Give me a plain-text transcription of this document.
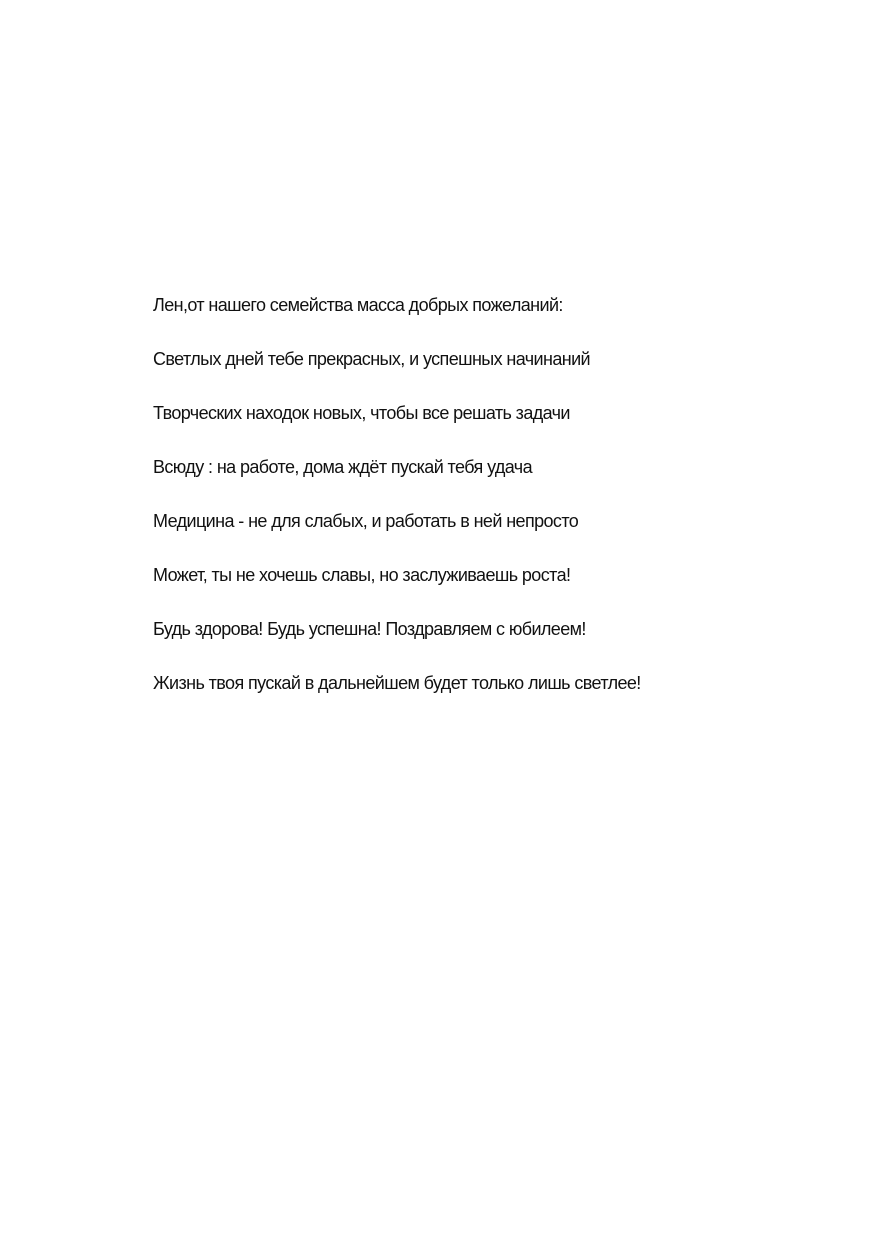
Лен,от нашего семейства масса добрых пожеланий:
Светлых дней тебе прекрасных, и успешных начинаний
Творческих находок новых, чтобы все решать задачи
Всюду : на работе, дома ждёт пускай тебя удача
Медицина - не для слабых, и работать в ней непросто
Может, ты не хочешь славы, но заслуживаешь роста!
Будь здорова! Будь успешна! Поздравляем с юбилеем!
Жизнь твоя пускай в дальнейшем будет только лишь светлее!
